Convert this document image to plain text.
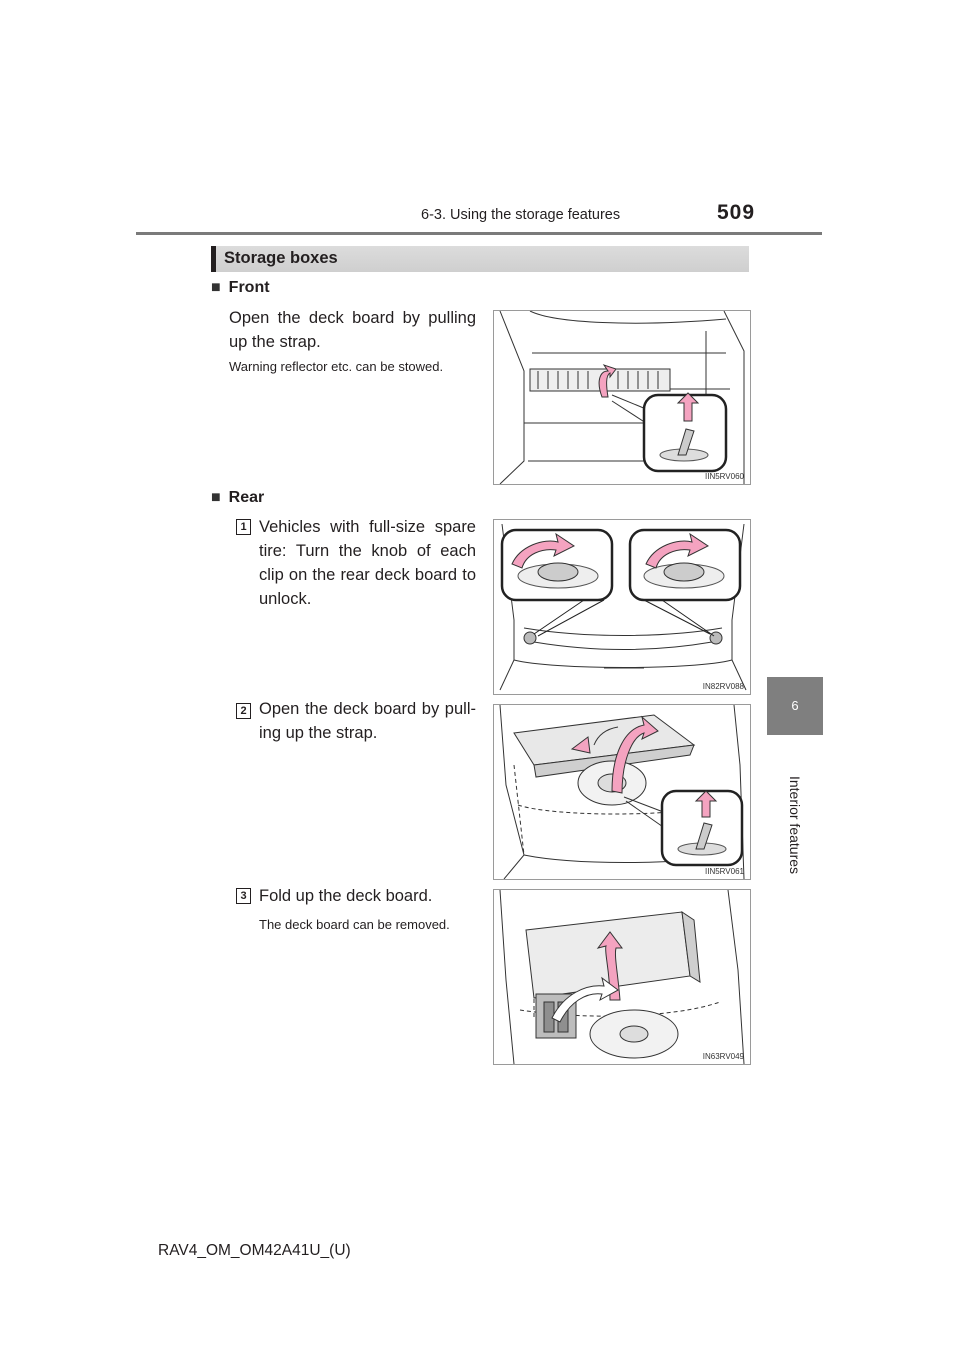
6-3. Using the storage features	509
6
Interior features
Storage boxes
■ Front
Open the deck board by pulling up the strap.
Warning reflector etc. can be stowed.
IIN5RV060
■ Rear
1 Vehicles with full-size spare tire: Turn the knob of each clip on the rear deck board to unlock.
IN82RV088
2 Open the deck board by pull-ing up the strap.
IIN5RV061
3 Fold up the deck board.
The deck board can be removed.
IN63RV049
RAV4_OM_OM42A41U_(U)
